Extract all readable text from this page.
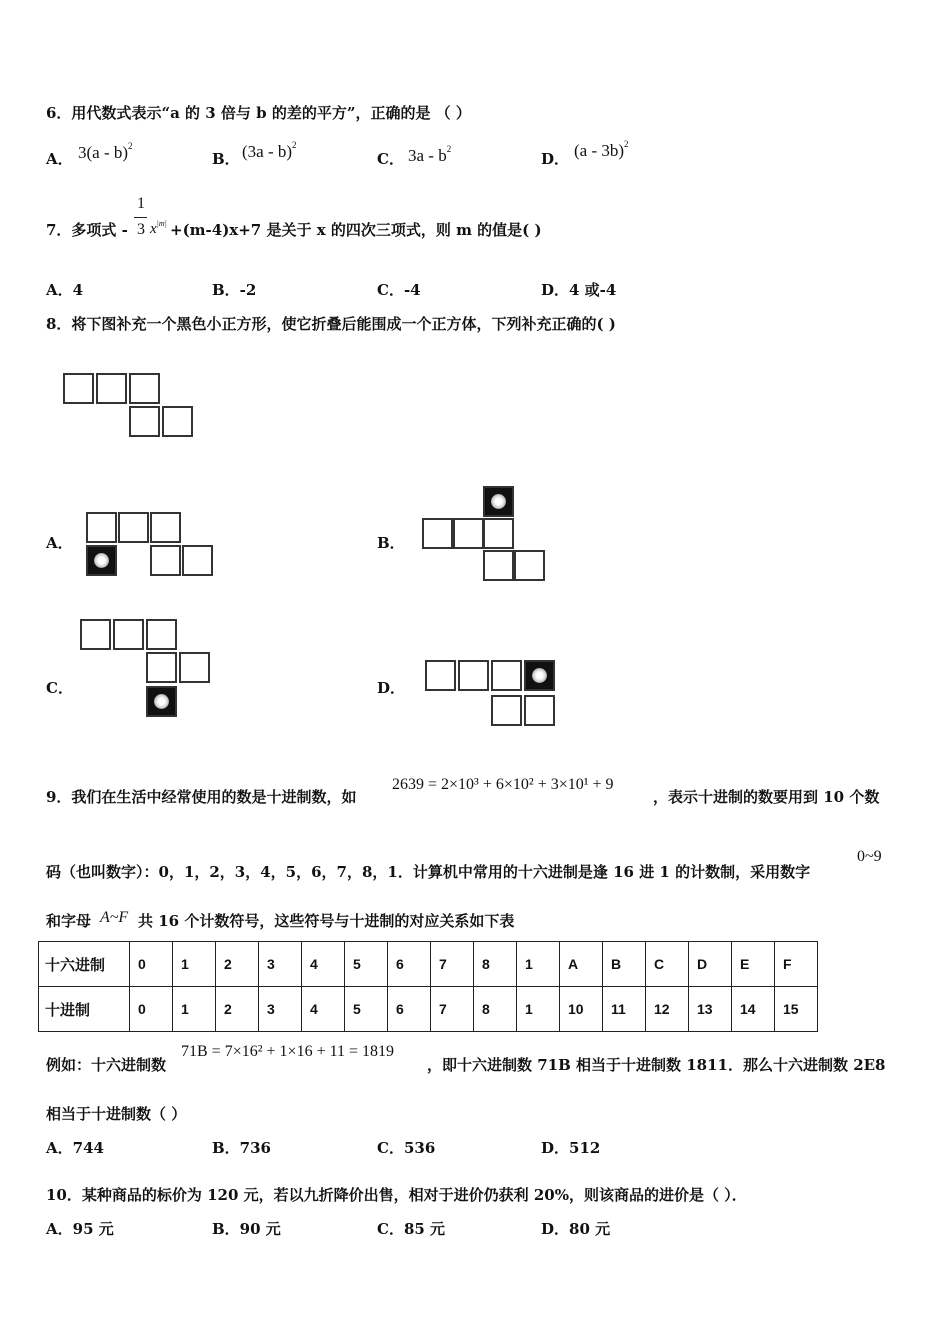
6．用代数式表示“a 的 3 倍与 b 的差的平方”，正确的是 （ ）
A． 3(a - b)$^2$
B． (3a - b)$^2$
C． $3a - b^2$
D． (a - 3b)$^2$
7．多项式 -
1
3 $x^{|m|} +(m-4)x+7$ 是关于 x 的四次三项式，则 m 的值是( )
A．4	B．-2	C．-4	D．4 或-4
8．将下图补充一个黑色小正方形，使它折叠后能围成一个正方体，下列补充正确的( )
A．	B．
C．	D．
9．我们在生活中经常使用的数是十进制数，如
2639 = 2×10³ + 6×10² + 3×10¹ + 9
，表示十进制的数要用到 10 个数
码（也叫数字）：0，1，2，3，4，5，6，7，8，1．计算机中常用的十六进制是逢 16 进 1 的计数制，采用数字
0~9
和字母 A~F 共 16 个计数符号，这些符号与十进制的对应关系如下表
十六进制	0	1	2	3	4	5	6	7	8	1	A	B	C	D	E	F
十进制	0	1	2	3	4	5	6	7	8	1	10	11	12	13	14	15
例如：十六进制数
71B = 7×16² + 1×16 + 11 = 1819
，即十六进制数 71B 相当于十进制数 1811．那么十六进制数 2E8
相当于十进制数（ ）
A．744	B．736	C．536	D．512
10．某种商品的标价为 120 元，若以九折降价出售，相对于进价仍获利 20%，则该商品的进价是（ ）．
A．95 元	B．90 元	C．85 元	D．80 元
